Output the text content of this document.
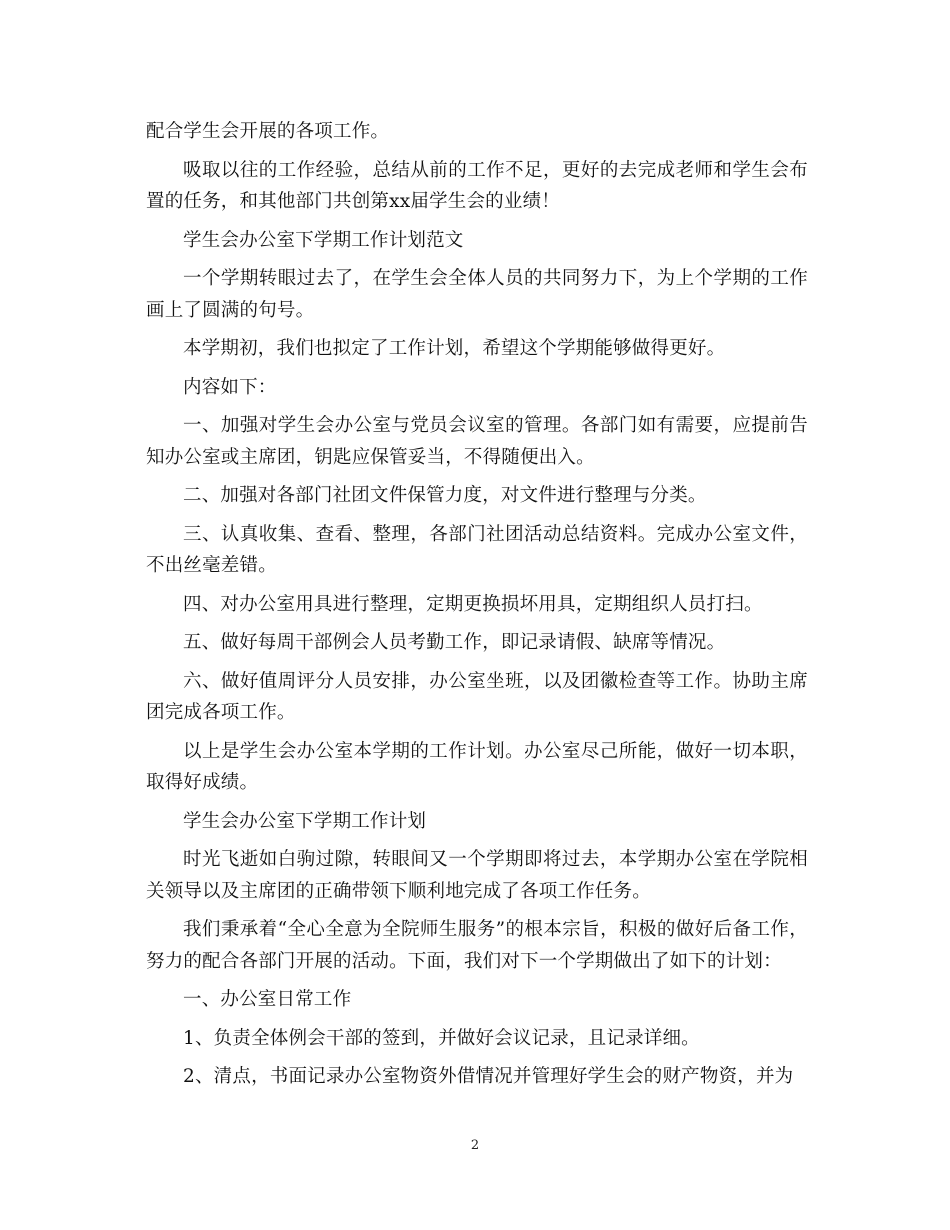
配合学生会开展的各项工作。

吸取以往的工作经验，总结从前的工作不足，更好的去完成老师和学生会布置的任务，和其他部门共创第xx届学生会的业绩！

学生会办公室下学期工作计划范文

一个学期转眼过去了，在学生会全体人员的共同努力下，为上个学期的工作画上了圆满的句号。

本学期初，我们也拟定了工作计划，希望这个学期能够做得更好。

内容如下：

一、加强对学生会办公室与党员会议室的管理。各部门如有需要，应提前告知办公室或主席团，钥匙应保管妥当，不得随便出入。

二、加强对各部门社团文件保管力度，对文件进行整理与分类。

三、认真收集、查看、整理，各部门社团活动总结资料。完成办公室文件，不出丝毫差错。

四、对办公室用具进行整理，定期更换损坏用具，定期组织人员打扫。

五、做好每周干部例会人员考勤工作，即记录请假、缺席等情况。

六、做好值周评分人员安排，办公室坐班，以及团徽检查等工作。协助主席团完成各项工作。

以上是学生会办公室本学期的工作计划。办公室尽己所能，做好一切本职，取得好成绩。

学生会办公室下学期工作计划

时光飞逝如白驹过隙，转眼间又一个学期即将过去，本学期办公室在学院相关领导以及主席团的正确带领下顺利地完成了各项工作任务。

我们秉承着“全心全意为全院师生服务”的根本宗旨，积极的做好后备工作，努力的配合各部门开展的活动。下面，我们对下一个学期做出了如下的计划：

一、办公室日常工作

1、负责全体例会干部的签到，并做好会议记录，且记录详细。

2、清点，书面记录办公室物资外借情况并管理好学生会的财产物资，并为

2
